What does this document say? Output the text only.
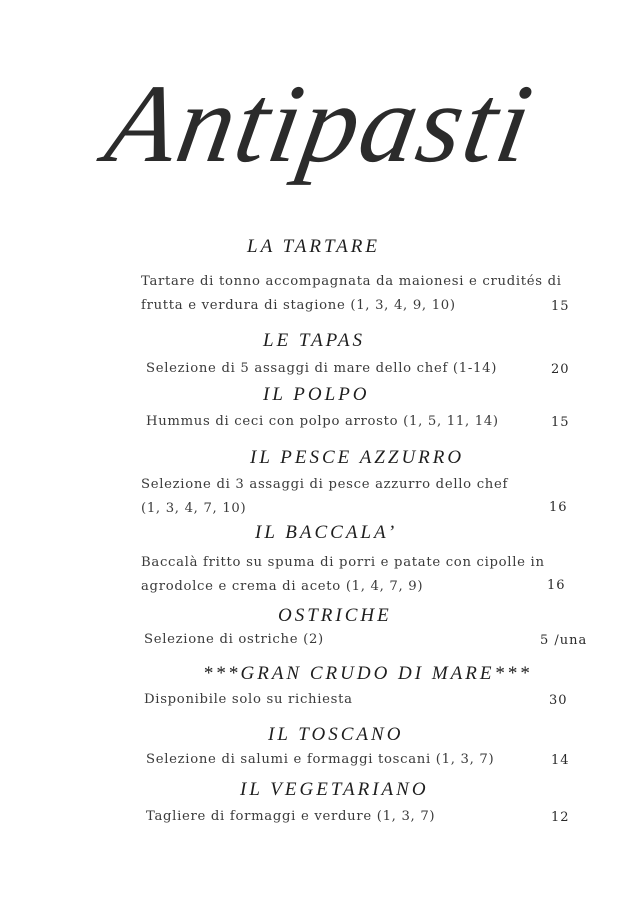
Antipasti
LA TARTARE
Tartare di tonno accompagnata da maionesi e crudités di
frutta e verdura di stagione (1, 3, 4, 9, 10)	15
LE TAPAS
Selezione di 5 assaggi di mare dello chef (1-14)	20
IL POLPO
Hummus di ceci con polpo arrosto (1, 5, 11, 14)	15
IL PESCE AZZURRO
Selezione di 3 assaggi di pesce azzurro dello chef
(1, 3, 4, 7, 10)	16
IL BACCALA’
Baccalà fritto su spuma di porri e patate con cipolle in
agrodolce e crema di aceto (1, 4, 7, 9)	16
OSTRICHE
Selezione di ostriche (2)	5 /una
***GRAN CRUDO DI MARE***
Disponibile solo su richiesta	30
IL TOSCANO
Selezione di salumi e formaggi toscani (1, 3, 7)	14
IL VEGETARIANO
Tagliere di formaggi e verdure (1, 3, 7)	12
